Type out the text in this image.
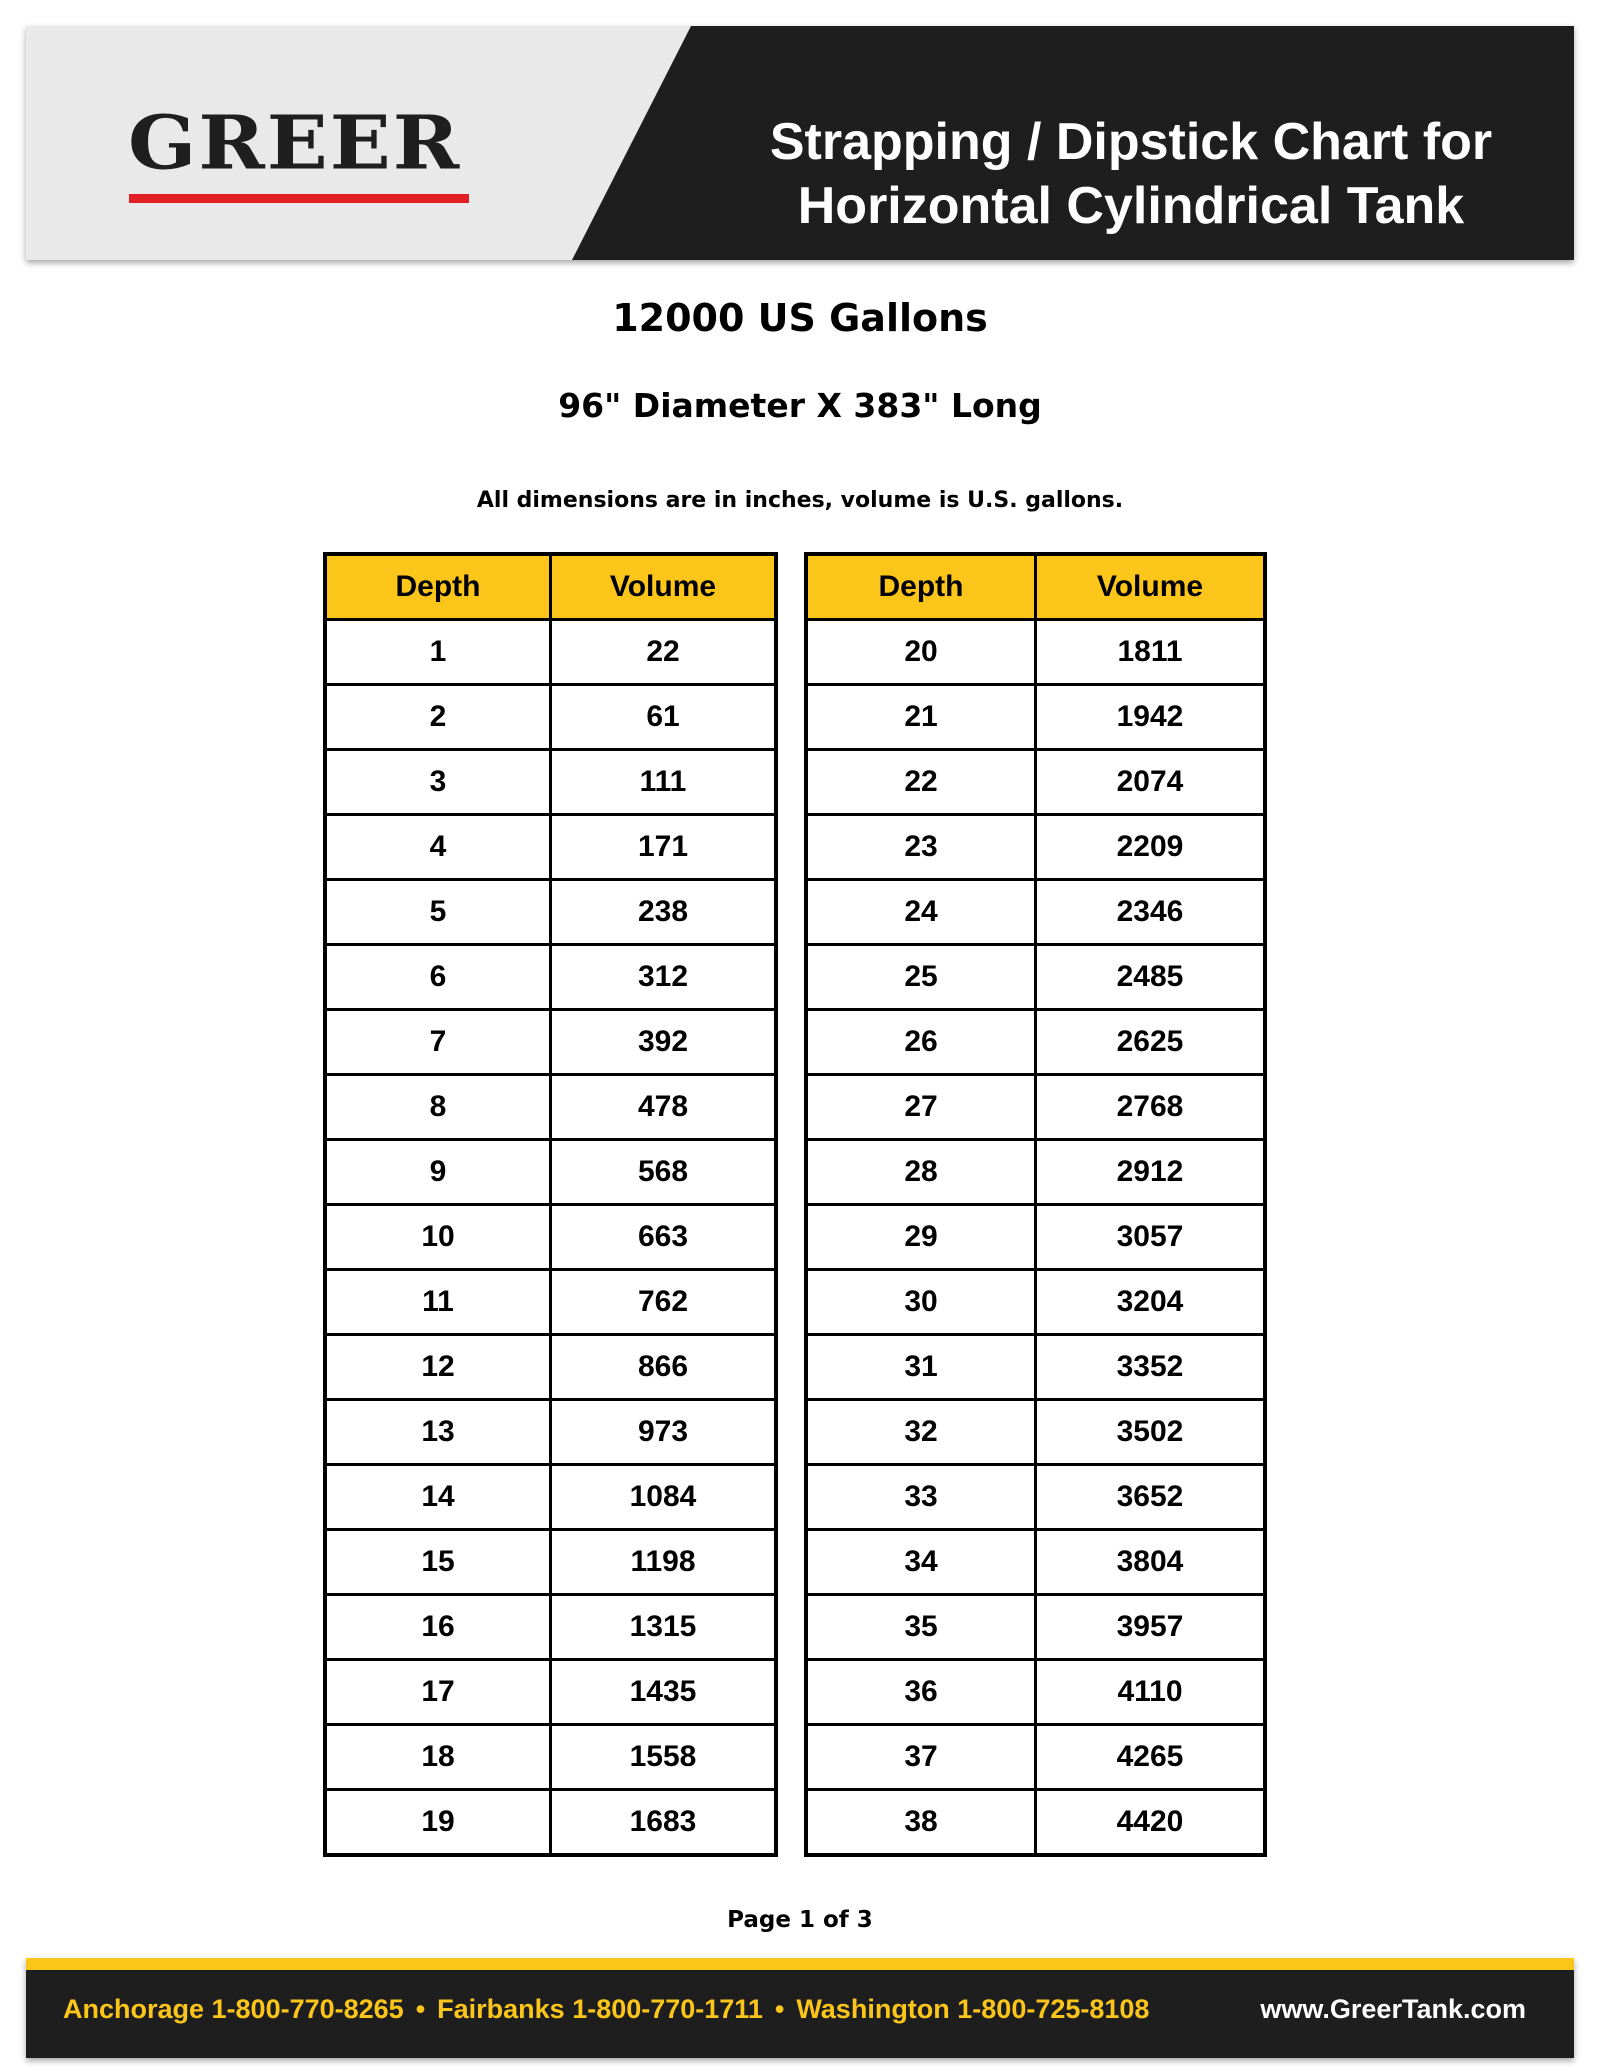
GREER	Strapping / Dipstick Chart for
Horizontal Cylindrical Tank
12000 US Gallons
96" Diameter X 383" Long
All dimensions are in inches, volume is U.S. gallons.
Depth	Volume
1	22
2	61
3	111
4	171
5	238
6	312
7	392
8	478
9	568
10	663
11	762
12	866
13	973
14	1084
15	1198
16	1315
17	1435
18	1558
19	1683
Depth	Volume
20	1811
21	1942
22	2074
23	2209
24	2346
25	2485
26	2625
27	2768
28	2912
29	3057
30	3204
31	3352
32	3502
33	3652
34	3804
35	3957
36	4110
37	4265
38	4420
Page 1 of 3
Anchorage 1-800-770-8265 • Fairbanks 1-800-770-1711 • Washington 1-800-725-8108	www.GreerTank.com
